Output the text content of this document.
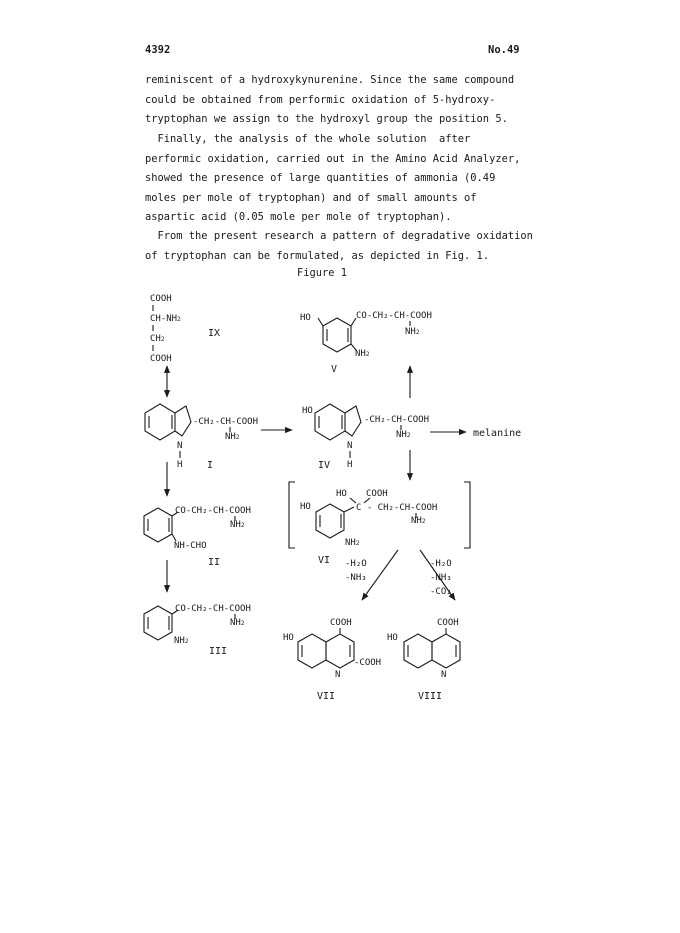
4392	No.49
reminiscent of a hydroxykynurenine. Since the same compound
could be obtained from performic oxidation of 5-hydroxy-
tryptophan we assign to the hydroxyl group the position 5.
Finally, the analysis of the whole solution  after
performic oxidation, carried out in the Amino Acid Analyzer,
showed the presence of large quantities of ammonia (0.49
moles per mole of tryptophan) and of small amounts of
aspartic acid (0.05 mole per mole of tryptophan).
From the present research a pattern of degradative oxidation
of tryptophan can be formulated, as depicted in Fig. 1.
Figure 1
COOH
CH-NH2
CH2
COOH
IX
N
H
-CH₂-CH-COOH
NH2
I
CO-CH₂-CH-COOH
NH2
NH-CHO
II
CO-CH₂-CH-COOH
NH2
NH2
III
HO	CO-CH₂-CH-COOH
NH2
NH2
V
HO
N
H
-CH₂-CH-COOH
NH2
IV
melanine
HO
HO COOH
C - CH₂-CH-COOH
NH2
NH2
VI -H₂O
-NH₃
-H₂O
-NH₃
-CO₂
HO
COOH
-COOH
N
VII
HO
COOH
N
VIII
